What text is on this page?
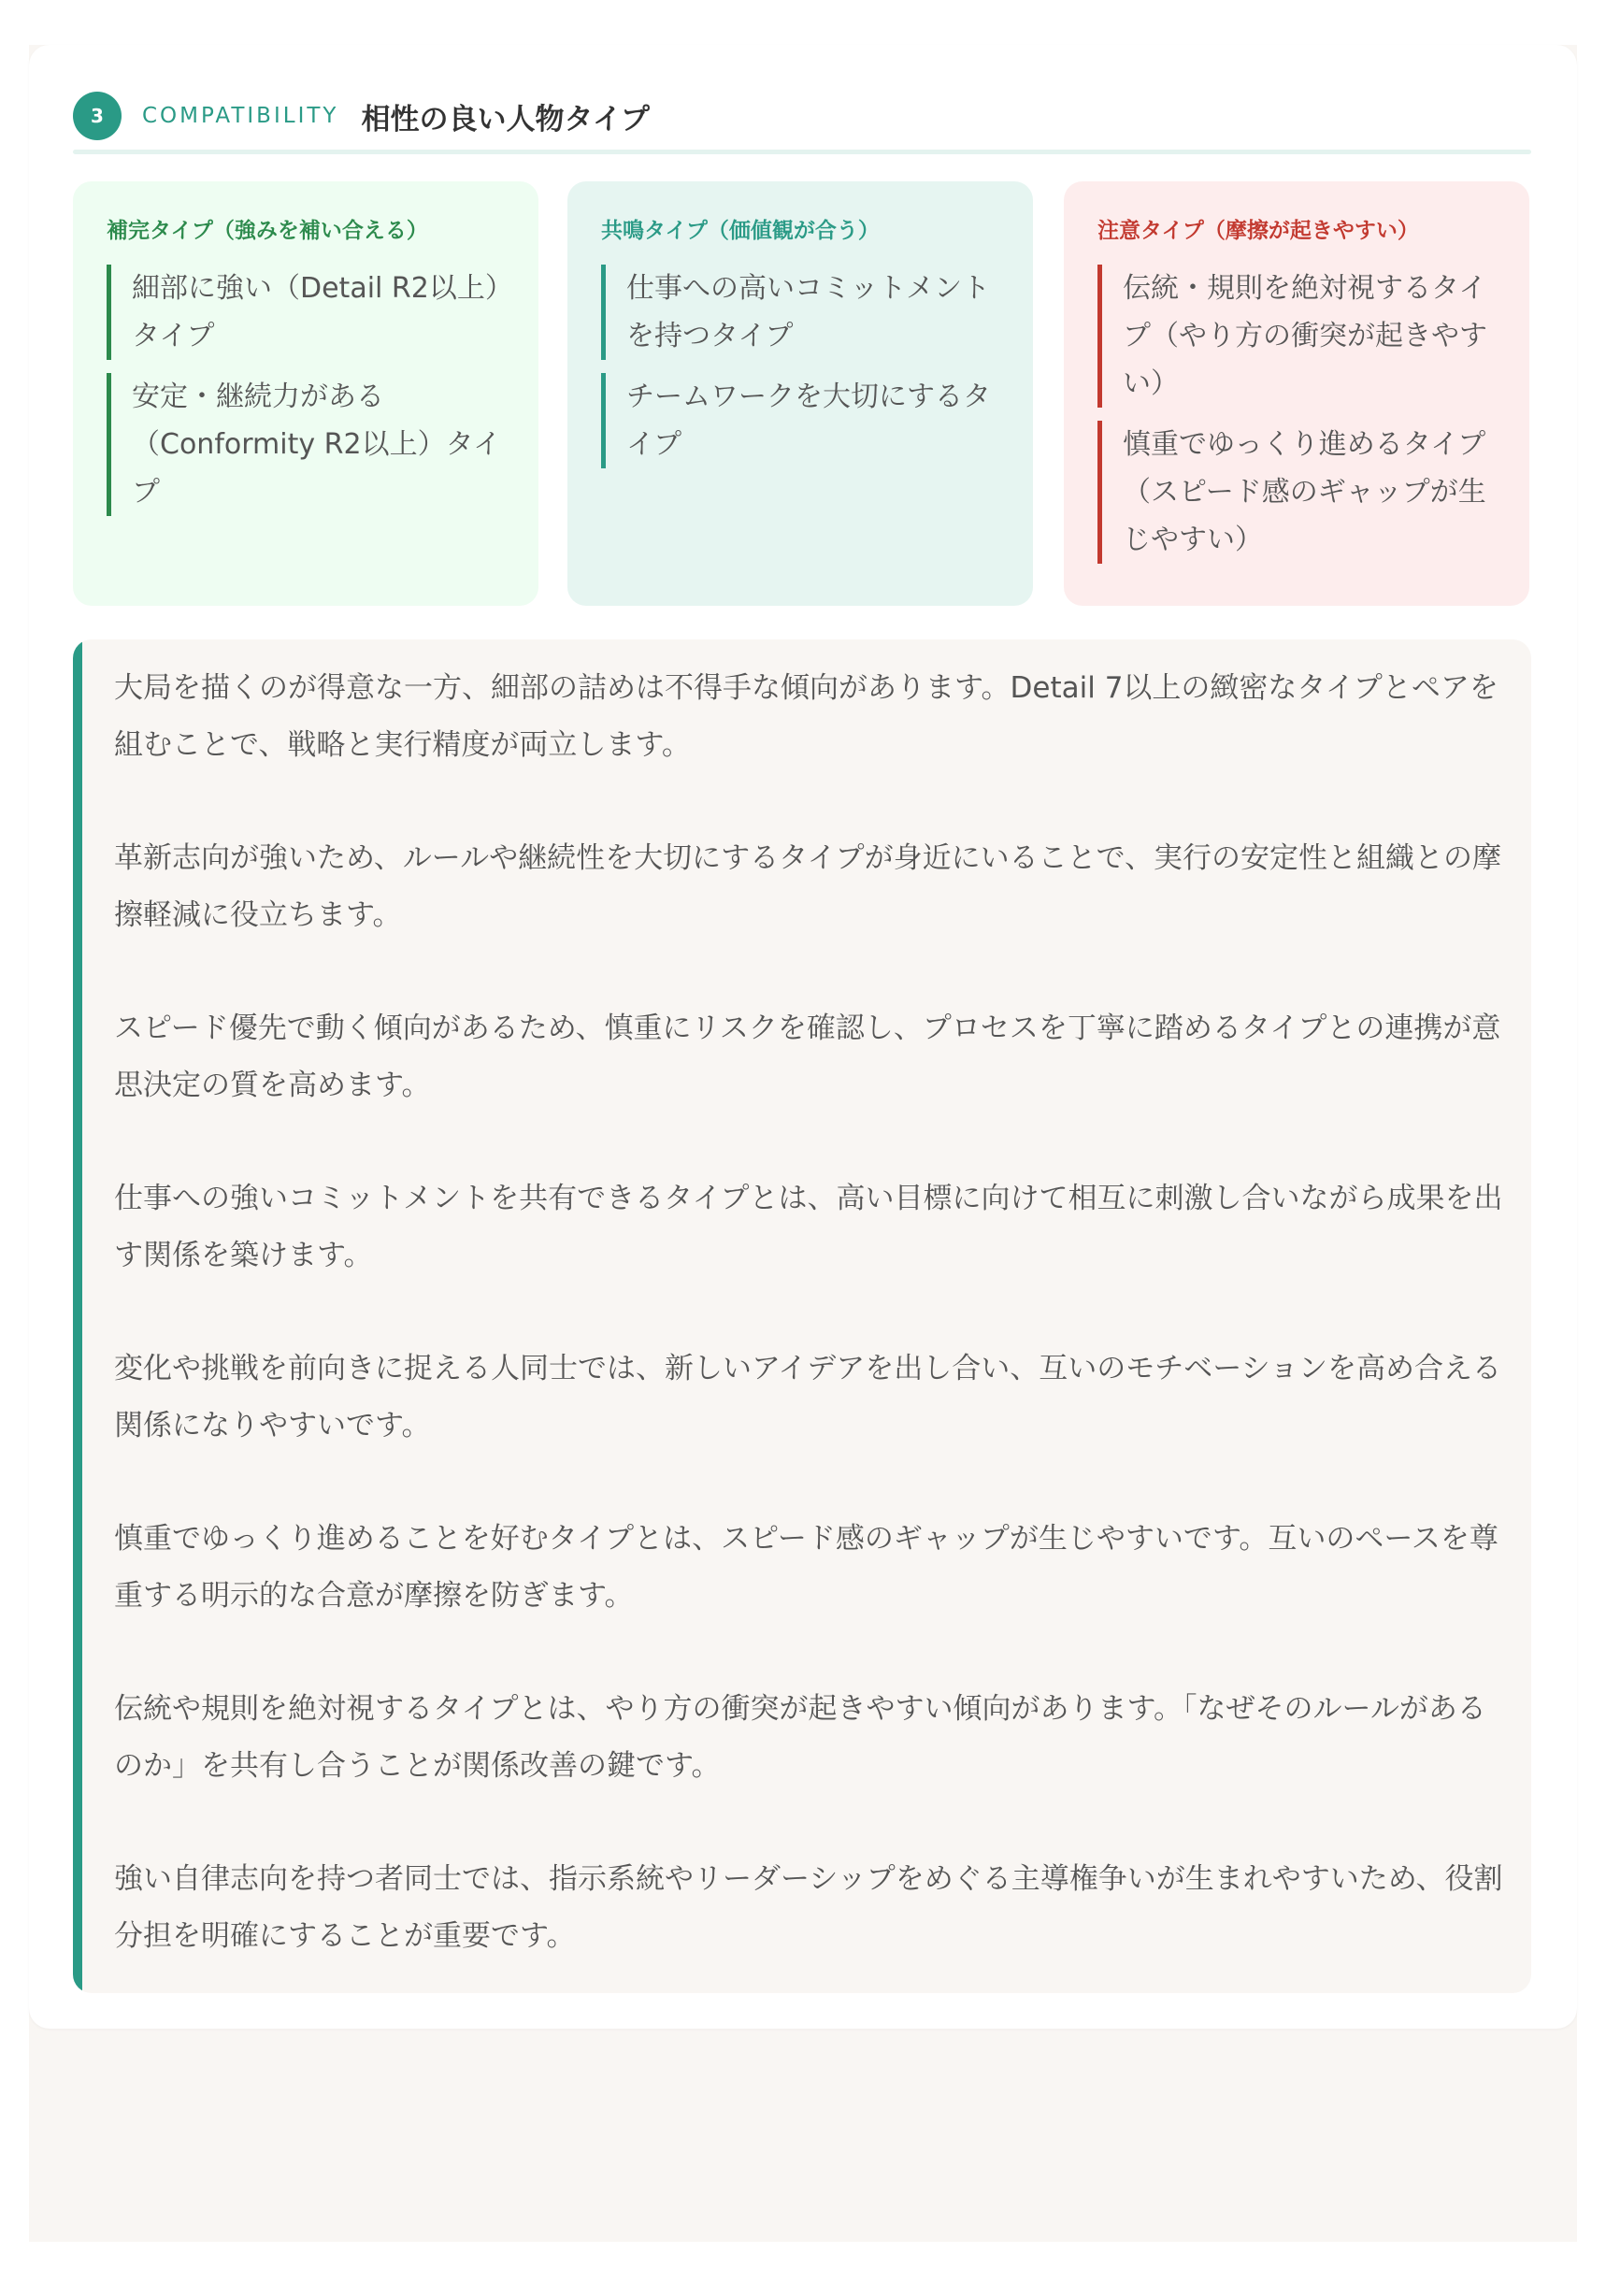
3	COMPATIBILITY 相性の良い人物タイプ
補完タイプ（強みを補い合える）
細部に強い（Detail R2以上）タイプ
安定・継続力がある（Conformity R2以上）タイプ
共鳴タイプ（価値観が合う）
仕事への高いコミットメントを持つタイプ
チームワークを大切にするタイプ
注意タイプ（摩擦が起きやすい）
伝統・規則を絶対視するタイプ（やり方の衝突が起きやすい）
慎重でゆっくり進めるタイプ（スピード感のギャップが生じやすい）

大局を描くのが得意な一方、細部の詰めは不得手な傾向があります。Detail 7以上の緻密なタイプとペアを組むことで、戦略と実行精度が両立します。

革新志向が強いため、ルールや継続性を大切にするタイプが身近にいることで、実行の安定性と組織との摩擦軽減に役立ちます。

スピード優先で動く傾向があるため、慎重にリスクを確認し、プロセスを丁寧に踏めるタイプとの連携が意思決定の質を高めます。

仕事への強いコミットメントを共有できるタイプとは、高い目標に向けて相互に刺激し合いながら成果を出す関係を築けます。

変化や挑戦を前向きに捉える人同士では、新しいアイデアを出し合い、互いのモチベーションを高め合える関係になりやすいです。

慎重でゆっくり進めることを好むタイプとは、スピード感のギャップが生じやすいです。互いのペースを尊重する明示的な合意が摩擦を防ぎます。

伝統や規則を絶対視するタイプとは、やり方の衝突が起きやすい傾向があります。「なぜそのルールがあるのか」を共有し合うことが関係改善の鍵です。

強い自律志向を持つ者同士では、指示系統やリーダーシップをめぐる主導権争いが生まれやすいため、役割分担を明確にすることが重要です。
